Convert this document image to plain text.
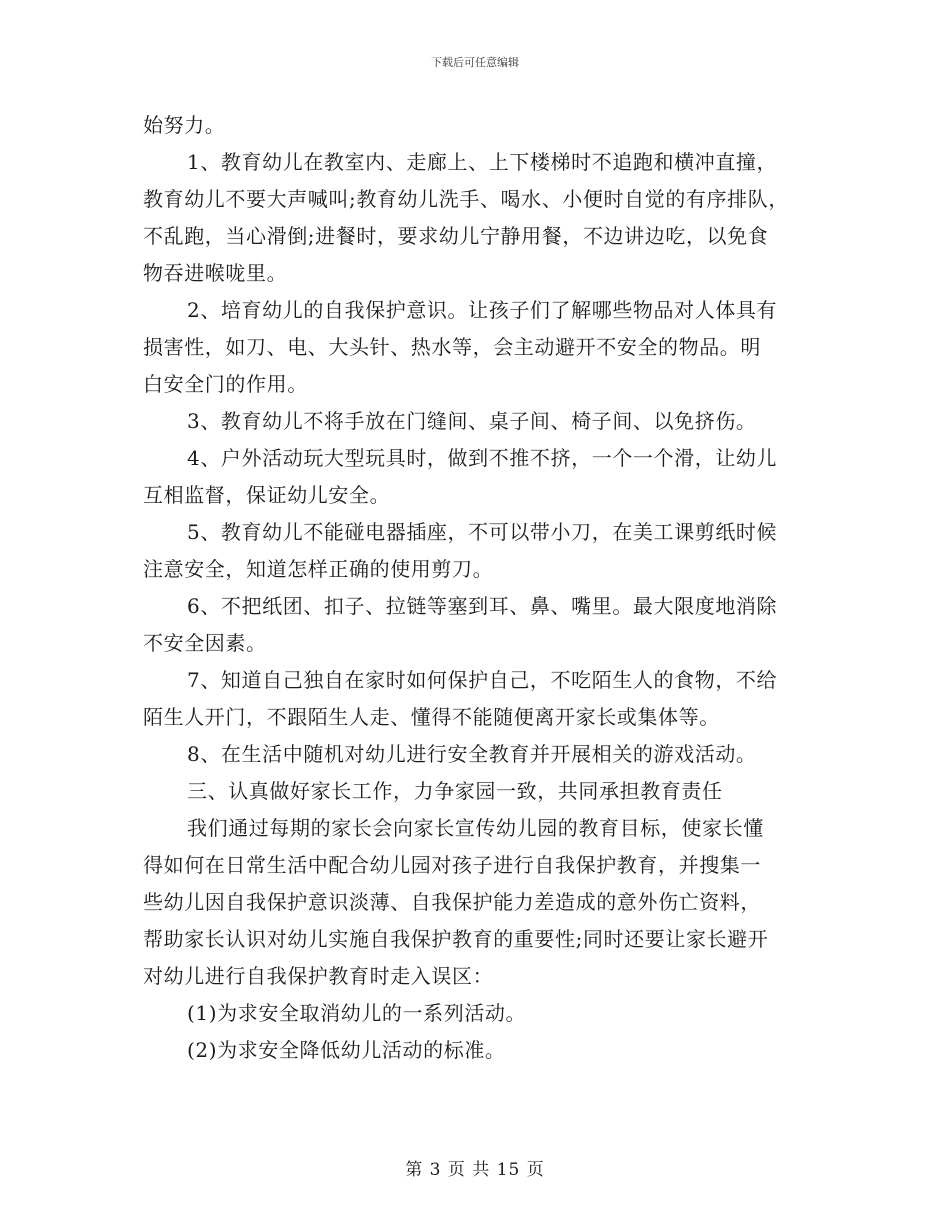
下载后可任意编辑
始努力。
1、教育幼儿在教室内、走廊上、上下楼梯时不追跑和横冲直撞，
教育幼儿不要大声喊叫;教育幼儿洗手、喝水、小便时自觉的有序排队，
不乱跑，当心滑倒;进餐时，要求幼儿宁静用餐，不边讲边吃，以免食
物吞进喉咙里。
2、培育幼儿的自我保护意识。让孩子们了解哪些物品对人体具有
损害性，如刀、电、大头针、热水等，会主动避开不安全的物品。明
白安全门的作用。
3、教育幼儿不将手放在门缝间、桌子间、椅子间、以免挤伤。
4、户外活动玩大型玩具时，做到不推不挤，一个一个滑，让幼儿
互相监督，保证幼儿安全。
5、教育幼儿不能碰电器插座，不可以带小刀，在美工课剪纸时候
注意安全，知道怎样正确的使用剪刀。
6、不把纸团、扣子、拉链等塞到耳、鼻、嘴里。最大限度地消除
不安全因素。
7、知道自己独自在家时如何保护自己，不吃陌生人的食物，不给
陌生人开门，不跟陌生人走、懂得不能随便离开家长或集体等。
8、在生活中随机对幼儿进行安全教育并开展相关的游戏活动。
三、认真做好家长工作，力争家园一致，共同承担教育责任
我们通过每期的家长会向家长宣传幼儿园的教育目标，使家长懂
得如何在日常生活中配合幼儿园对孩子进行自我保护教育，并搜集一
些幼儿因自我保护意识淡薄、自我保护能力差造成的意外伤亡资料，
帮助家长认识对幼儿实施自我保护教育的重要性;同时还要让家长避开
对幼儿进行自我保护教育时走入误区：
(1)为求安全取消幼儿的一系列活动。
(2)为求安全降低幼儿活动的标准。
第 3 页 共 15 页
